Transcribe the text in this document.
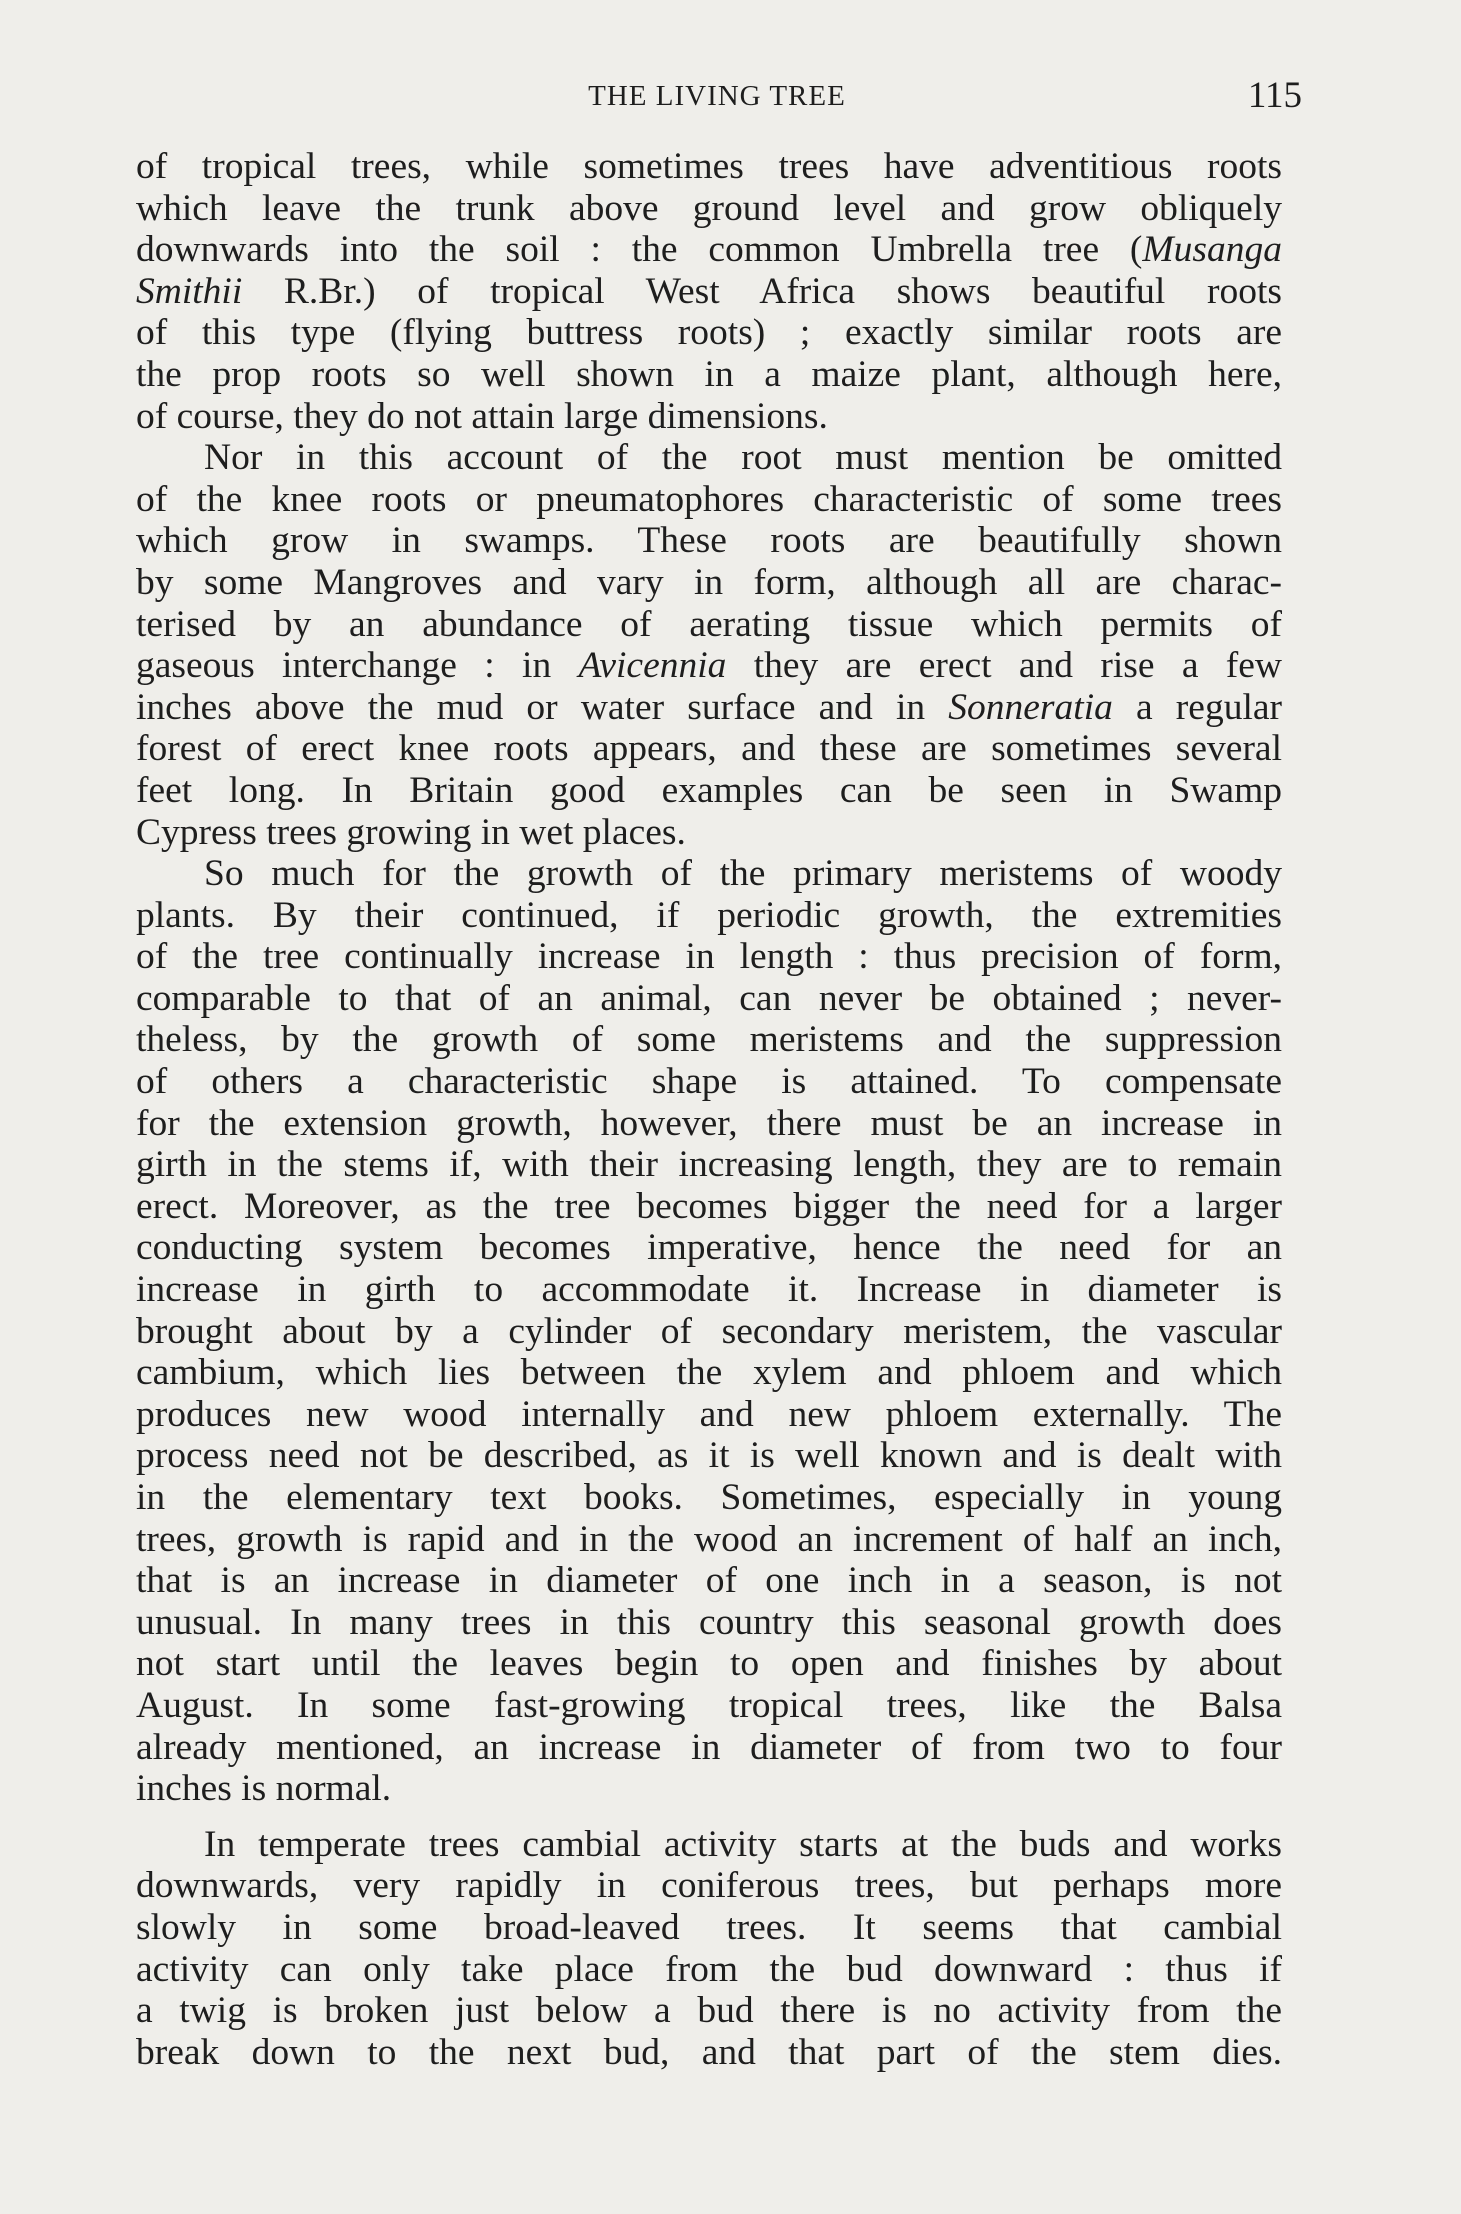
THE LIVING TREE	115

of tropical trees, while sometimes trees have adventitious roots
which leave the trunk above ground level and grow obliquely
downwards into the soil : the common Umbrella tree (Musanga
Smithii R.Br.) of tropical West Africa shows beautiful roots
of this type (flying buttress roots) ; exactly similar roots are
the prop roots so well shown in a maize plant, although here,
of course, they do not attain large dimensions.

Nor in this account of the root must mention be omitted
of the knee roots or pneumatophores characteristic of some trees
which grow in swamps. These roots are beautifully shown
by some Mangroves and vary in form, although all are charac-
terised by an abundance of aerating tissue which permits of
gaseous interchange : in Avicennia they are erect and rise a few
inches above the mud or water surface and in Sonneratia a regular
forest of erect knee roots appears, and these are sometimes several
feet long. In Britain good examples can be seen in Swamp
Cypress trees growing in wet places.

So much for the growth of the primary meristems of woody
plants. By their continued, if periodic growth, the extremities
of the tree continually increase in length : thus precision of form,
comparable to that of an animal, can never be obtained ; never-
theless, by the growth of some meristems and the suppression
of others a characteristic shape is attained. To compensate
for the extension growth, however, there must be an increase in
girth in the stems if, with their increasing length, they are to remain
erect. Moreover, as the tree becomes bigger the need for a larger
conducting system becomes imperative, hence the need for an
increase in girth to accommodate it. Increase in diameter is
brought about by a cylinder of secondary meristem, the vascular
cambium, which lies between the xylem and phloem and which
produces new wood internally and new phloem externally. The
process need not be described, as it is well known and is dealt with
in the elementary text books. Sometimes, especially in young
trees, growth is rapid and in the wood an increment of half an inch,
that is an increase in diameter of one inch in a season, is not
unusual. In many trees in this country this seasonal growth does
not start until the leaves begin to open and finishes by about
August. In some fast-growing tropical trees, like the Balsa
already mentioned, an increase in diameter of from two to four
inches is normal.

In temperate trees cambial activity starts at the buds and works
downwards, very rapidly in coniferous trees, but perhaps more
slowly in some broad-leaved trees. It seems that cambial
activity can only take place from the bud downward : thus if
a twig is broken just below a bud there is no activity from the
break down to the next bud, and that part of the stem dies.
